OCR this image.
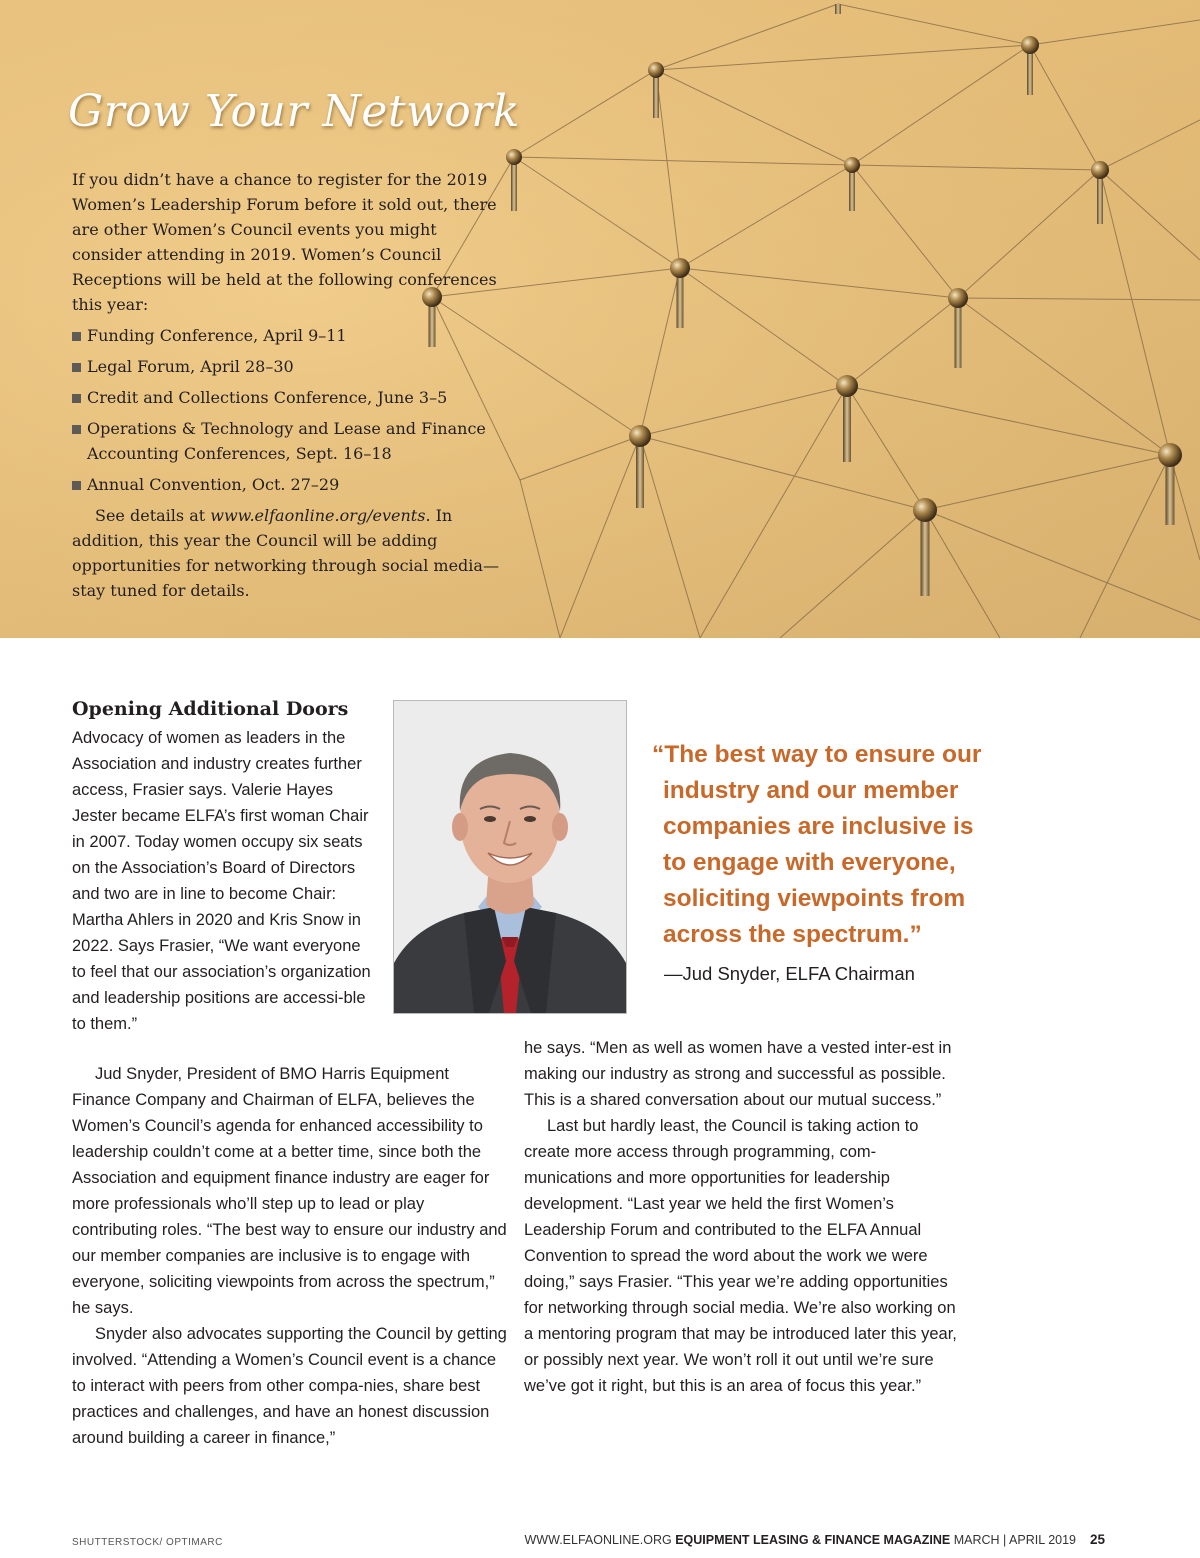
Grow Your Network

If you didn’t have a chance to register for the 2019 Women’s Leadership Forum before it sold out, there are other Women’s Council events you might consider attending in 2019. Women’s Council Receptions will be held at the following conferences this year:

Funding Conference, April 9–11
Legal Forum, April 28–30
Credit and Collections Conference, June 3–5
Operations & Technology and Lease and Finance Accounting Conferences, Sept. 16–18
Annual Convention, Oct. 27–29

See details at www.elfaonline.org/events. In addition, this year the Council will be adding opportunities for networking through social media—stay tuned for details.

Opening Additional Doors

Advocacy of women as leaders in the Association and industry creates further access, Frasier says. Valerie Hayes Jester became ELFA’s first woman Chair in 2007. Today women occupy six seats on the Association’s Board of Directors and two are in line to become Chair: Martha Ahlers in 2020 and Kris Snow in 2022. Says Frasier, “We want everyone to feel that our association’s organization and leadership positions are accessi-ble to them.”

“The best way to ensure our
industry and our member
companies are inclusive is
to engage with everyone,
soliciting viewpoints from
across the spectrum.”

—Jud Snyder, ELFA Chairman

Jud Snyder, President of BMO Harris Equipment Finance Company and Chairman of ELFA, believes the Women’s Council’s agenda for enhanced accessibility to leadership couldn’t come at a better time, since both the Association and equipment finance industry are eager for more professionals who’ll step up to lead or play contributing roles. “The best way to ensure our industry and our member companies are inclusive is to engage with everyone, soliciting viewpoints from across the spectrum,” he says.

Snyder also advocates supporting the Council by getting involved. “Attending a Women’s Council event is a chance to interact with peers from other compa-nies, share best practices and challenges, and have an honest discussion around building a career in finance,”

he says. “Men as well as women have a vested inter-est in making our industry as strong and successful as possible. This is a shared conversation about our mutual success.”

Last but hardly least, the Council is taking action to create more access through programming, com-munications and more opportunities for leadership development. “Last year we held the first Women’s Leadership Forum and contributed to the ELFA Annual Convention to spread the word about the work we were doing,” says Frasier. “This year we’re adding opportunities for networking through social media. We’re also working on a mentoring program that may be introduced later this year, or possibly next year. We won’t roll it out until we’re sure we’ve got it right, but this is an area of focus this year.”

SHUTTERSTOCK/ OPTIMARC	WWW.ELFAONLINE.ORG EQUIPMENT LEASING & FINANCE MAGAZINE MARCH | APRIL 2019 25
